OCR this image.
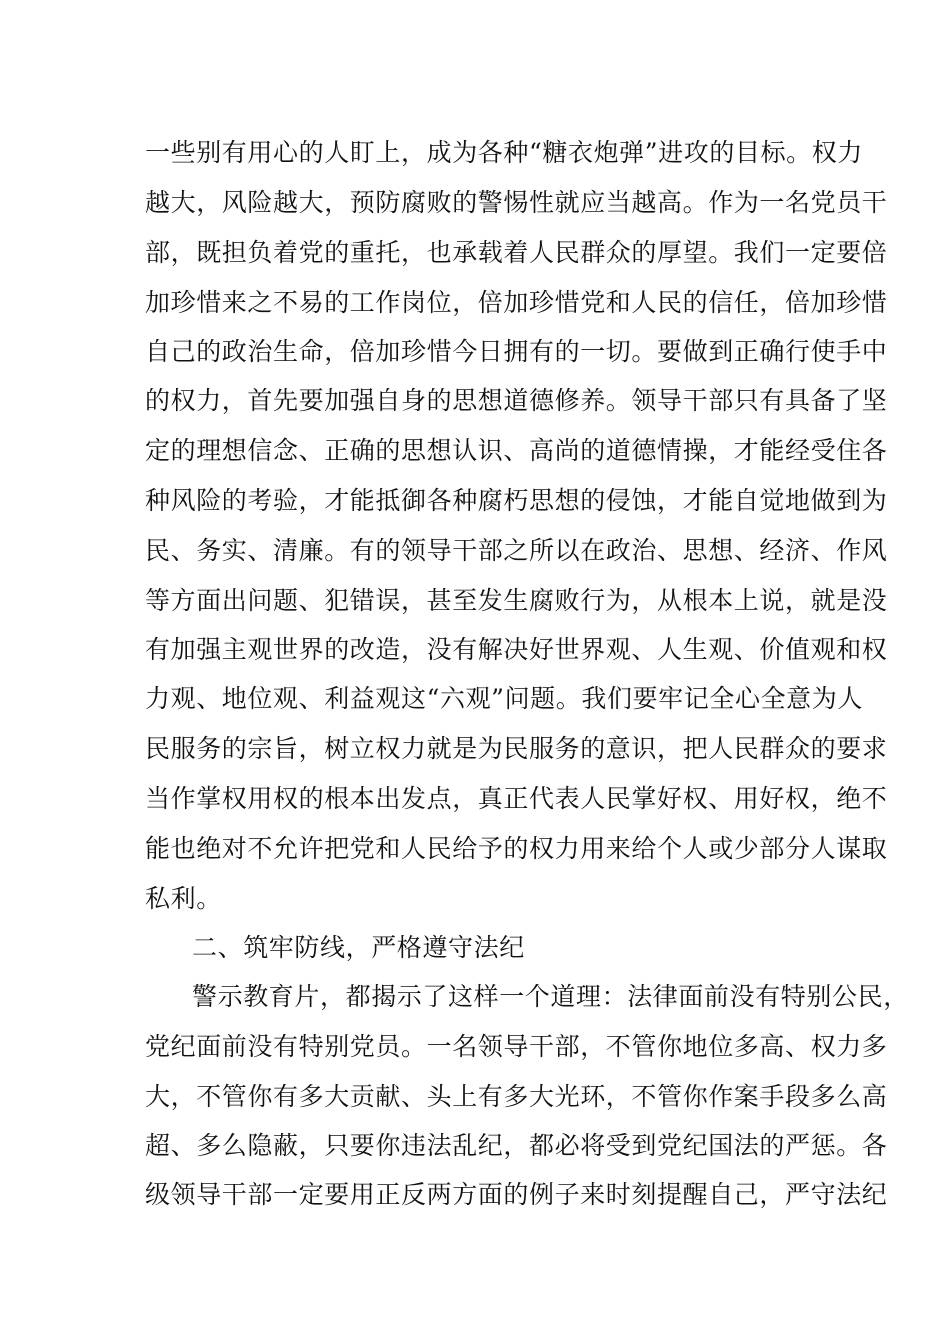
一些别有用心的人盯上，成为各种“糖衣炮弹”进攻的目标。权力
越大，风险越大，预防腐败的警惕性就应当越高。作为一名党员干
部，既担负着党的重托，也承载着人民群众的厚望。我们一定要倍
加珍惜来之不易的工作岗位，倍加珍惜党和人民的信任，倍加珍惜
自己的政治生命，倍加珍惜今日拥有的一切。要做到正确行使手中
的权力，首先要加强自身的思想道德修养。领导干部只有具备了坚
定的理想信念、正确的思想认识、高尚的道德情操，才能经受住各
种风险的考验，才能抵御各种腐朽思想的侵蚀，才能自觉地做到为
民、务实、清廉。有的领导干部之所以在政治、思想、经济、作风
等方面出问题、犯错误，甚至发生腐败行为，从根本上说，就是没
有加强主观世界的改造，没有解决好世界观、人生观、价值观和权
力观、地位观、利益观这“六观”问题。我们要牢记全心全意为人
民服务的宗旨，树立权力就是为民服务的意识，把人民群众的要求
当作掌权用权的根本出发点，真正代表人民掌好权、用好权，绝不
能也绝对不允许把党和人民给予的权力用来给个人或少部分人谋取
私利。
二、筑牢防线，严格遵守法纪
警示教育片，都揭示了这样一个道理：法律面前没有特别公民，
党纪面前没有特别党员。一名领导干部，不管你地位多高、权力多
大，不管你有多大贡献、头上有多大光环，不管你作案手段多么高
超、多么隐蔽，只要你违法乱纪，都必将受到党纪国法的严惩。各
级领导干部一定要用正反两方面的例子来时刻提醒自己，严守法纪
